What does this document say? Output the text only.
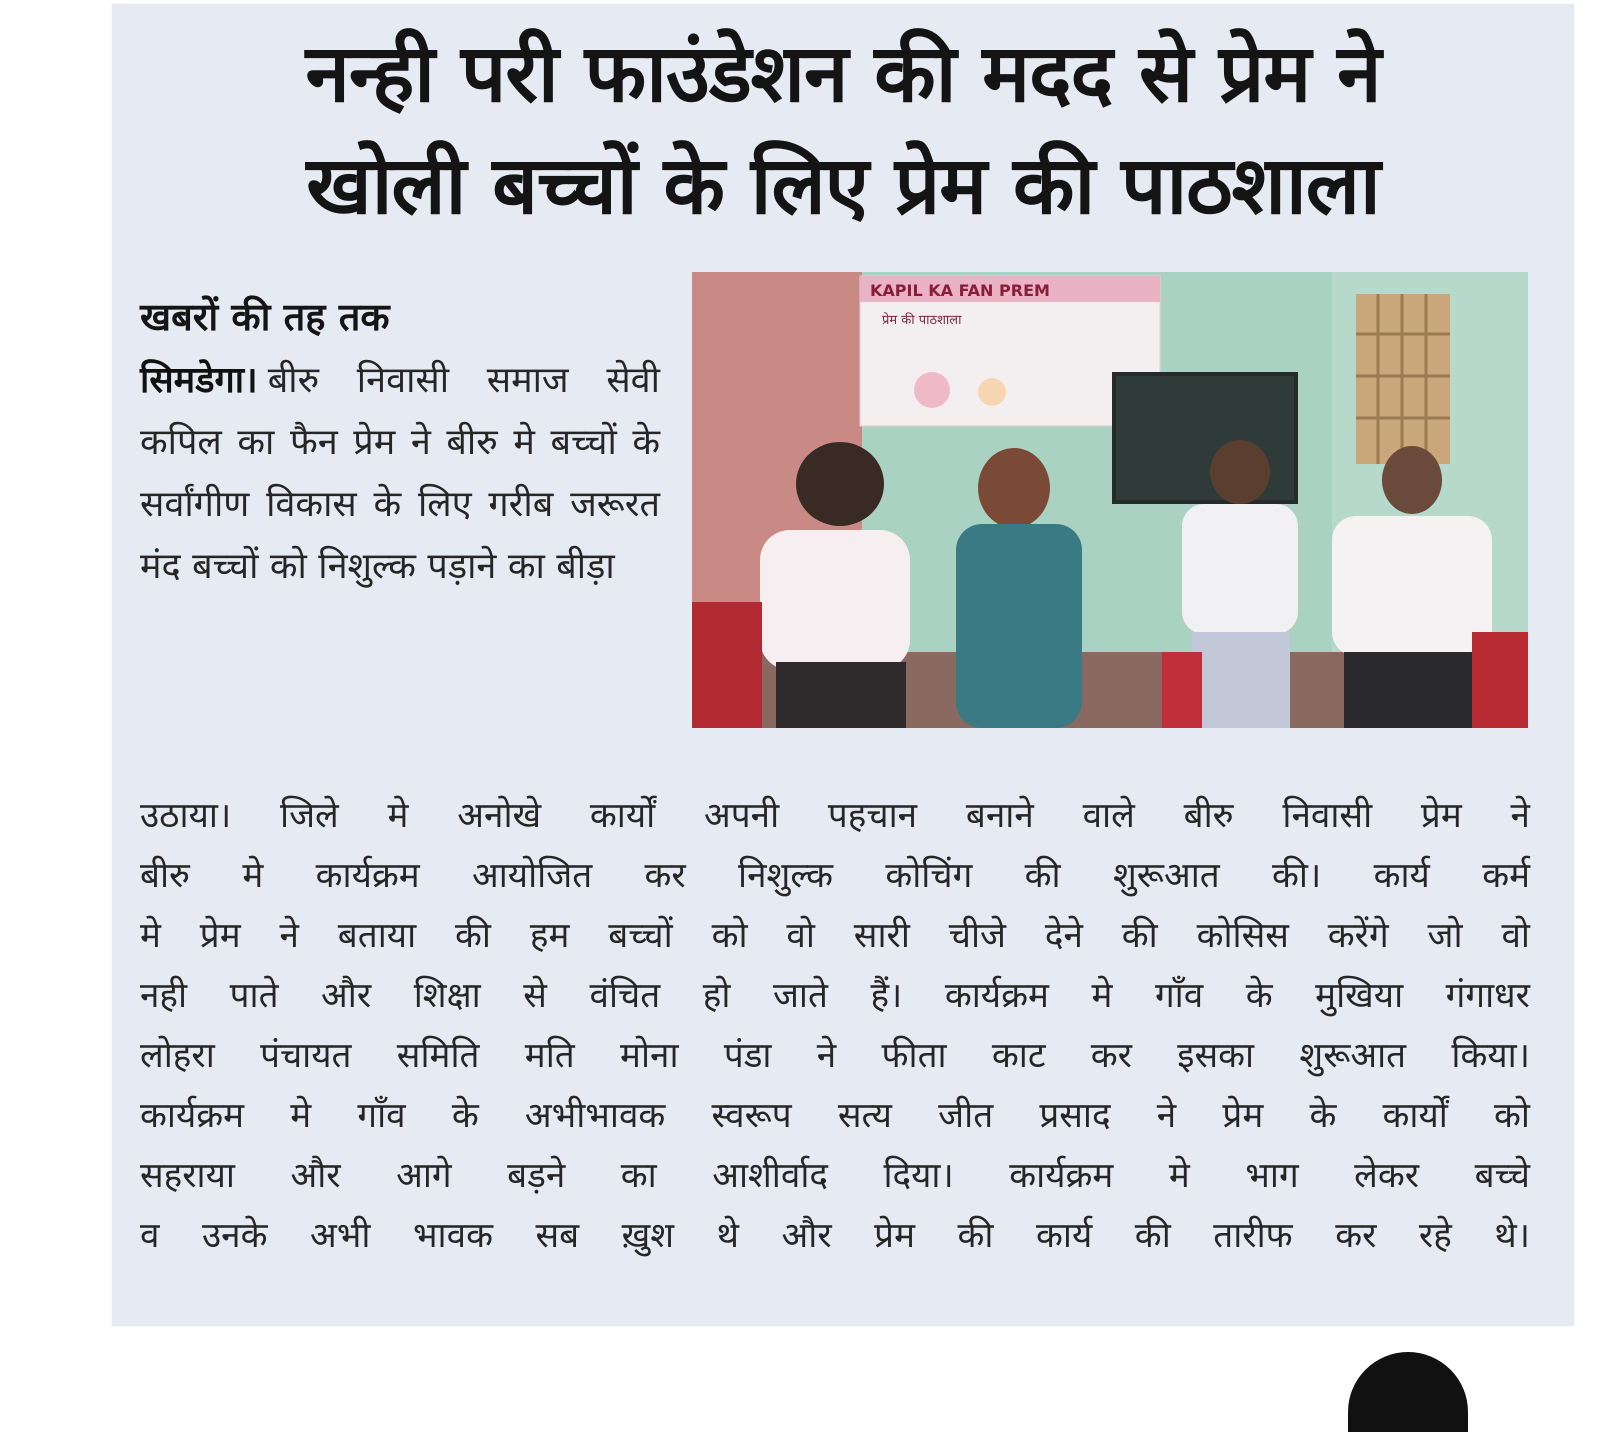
नन्ही परी फाउंडेशन की मदद से प्रेम ने
खोली बच्चों के लिए प्रेम की पाठशाला
KAPIL KA FAN PREM
प्रेम की पाठशाला

खबरों की तह तक

सिमडेगा। बीरु निवासी समाज सेवी कपिल का फैन प्रेम ने बीरु मे बच्चों के सर्वांगीण विकास के लिए गरीब जरूरत मंद बच्चों को निशुल्क पड़ाने का बीड़ा

उठाया। जिले मे अनोखे कार्यों अपनी पहचान बनाने वाले बीरु निवासी प्रेम ने

बीरु मे कार्यक्रम आयोजित कर निशुल्क कोचिंग की शुरूआत की। कार्य कर्म

मे प्रेम ने बताया की हम बच्चों को वो सारी चीजे देने की कोसिस करेंगे जो वो

नही पाते और शिक्षा से वंचित हो जाते हैं। कार्यक्रम मे गाँव के मुखिया गंगाधर

लोहरा पंचायत समिति मति मोना पंडा ने फीता काट कर इसका शुरूआत किया।

कार्यक्रम मे गाँव के अभीभावक स्वरूप सत्य जीत प्रसाद ने प्रेम के कार्यों को

सहराया और आगे बड़ने का आशीर्वाद दिया। कार्यक्रम मे भाग लेकर बच्चे

व उनके अभी भावक सब ख़ुश थे और प्रेम की कार्य की तारीफ कर रहे थे।
